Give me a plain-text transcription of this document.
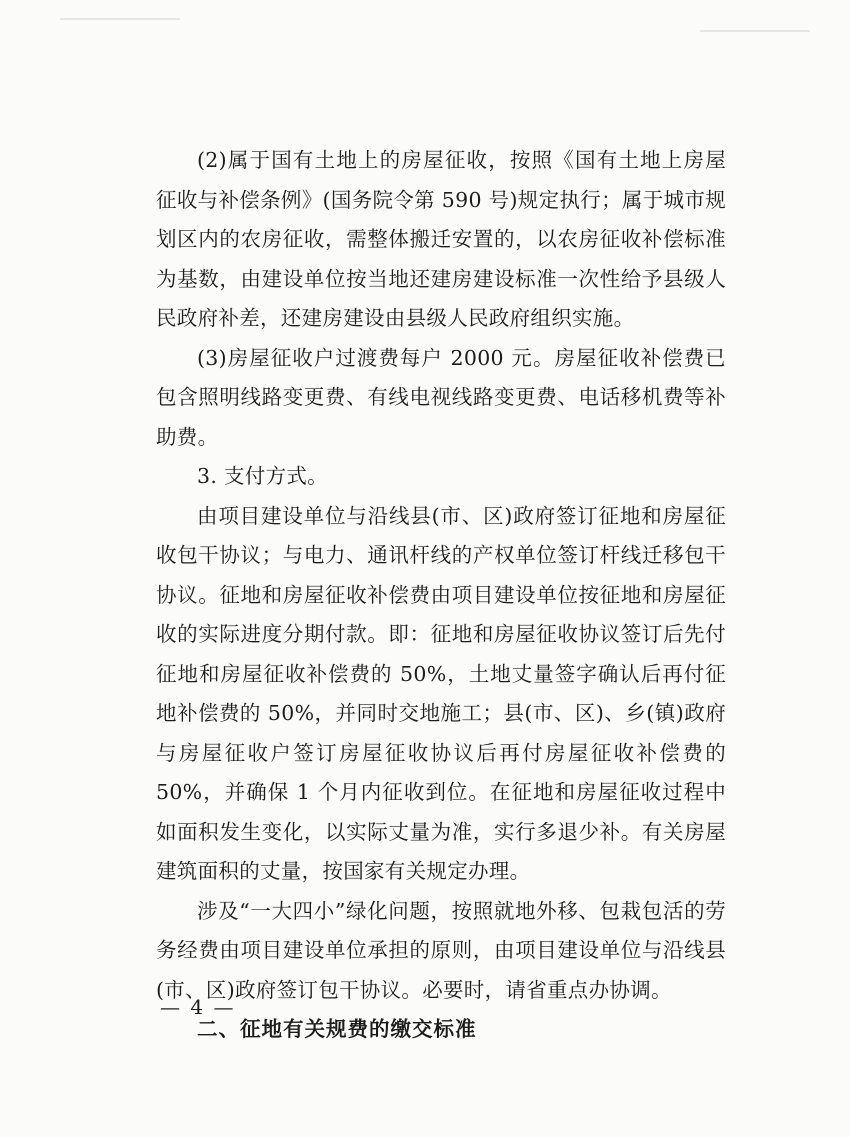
(2)属于国有土地上的房屋征收，按照《国有土地上房屋征收与补偿条例》(国务院令第 590 号)规定执行；属于城市规划区内的农房征收，需整体搬迁安置的，以农房征收补偿标准为基数，由建设单位按当地还建房建设标准一次性给予县级人民政府补差，还建房建设由县级人民政府组织实施。

(3)房屋征收户过渡费每户 2000 元。房屋征收补偿费已包含照明线路变更费、有线电视线路变更费、电话移机费等补助费。

3. 支付方式。

由项目建设单位与沿线县(市、区)政府签订征地和房屋征收包干协议；与电力、通讯杆线的产权单位签订杆线迁移包干协议。征地和房屋征收补偿费由项目建设单位按征地和房屋征收的实际进度分期付款。即：征地和房屋征收协议签订后先付征地和房屋征收补偿费的 50%，土地丈量签字确认后再付征地补偿费的 50%，并同时交地施工；县(市、区)、乡(镇)政府与房屋征收户签订房屋征收协议后再付房屋征收补偿费的 50%，并确保 1 个月内征收到位。在征地和房屋征收过程中如面积发生变化，以实际丈量为准，实行多退少补。有关房屋建筑面积的丈量，按国家有关规定办理。

涉及“一大四小”绿化问题，按照就地外移、包栽包活的劳务经费由项目建设单位承担的原则，由项目建设单位与沿线县(市、区)政府签订包干协议。必要时，请省重点办协调。

二、征地有关规费的缴交标准

— 4 —
